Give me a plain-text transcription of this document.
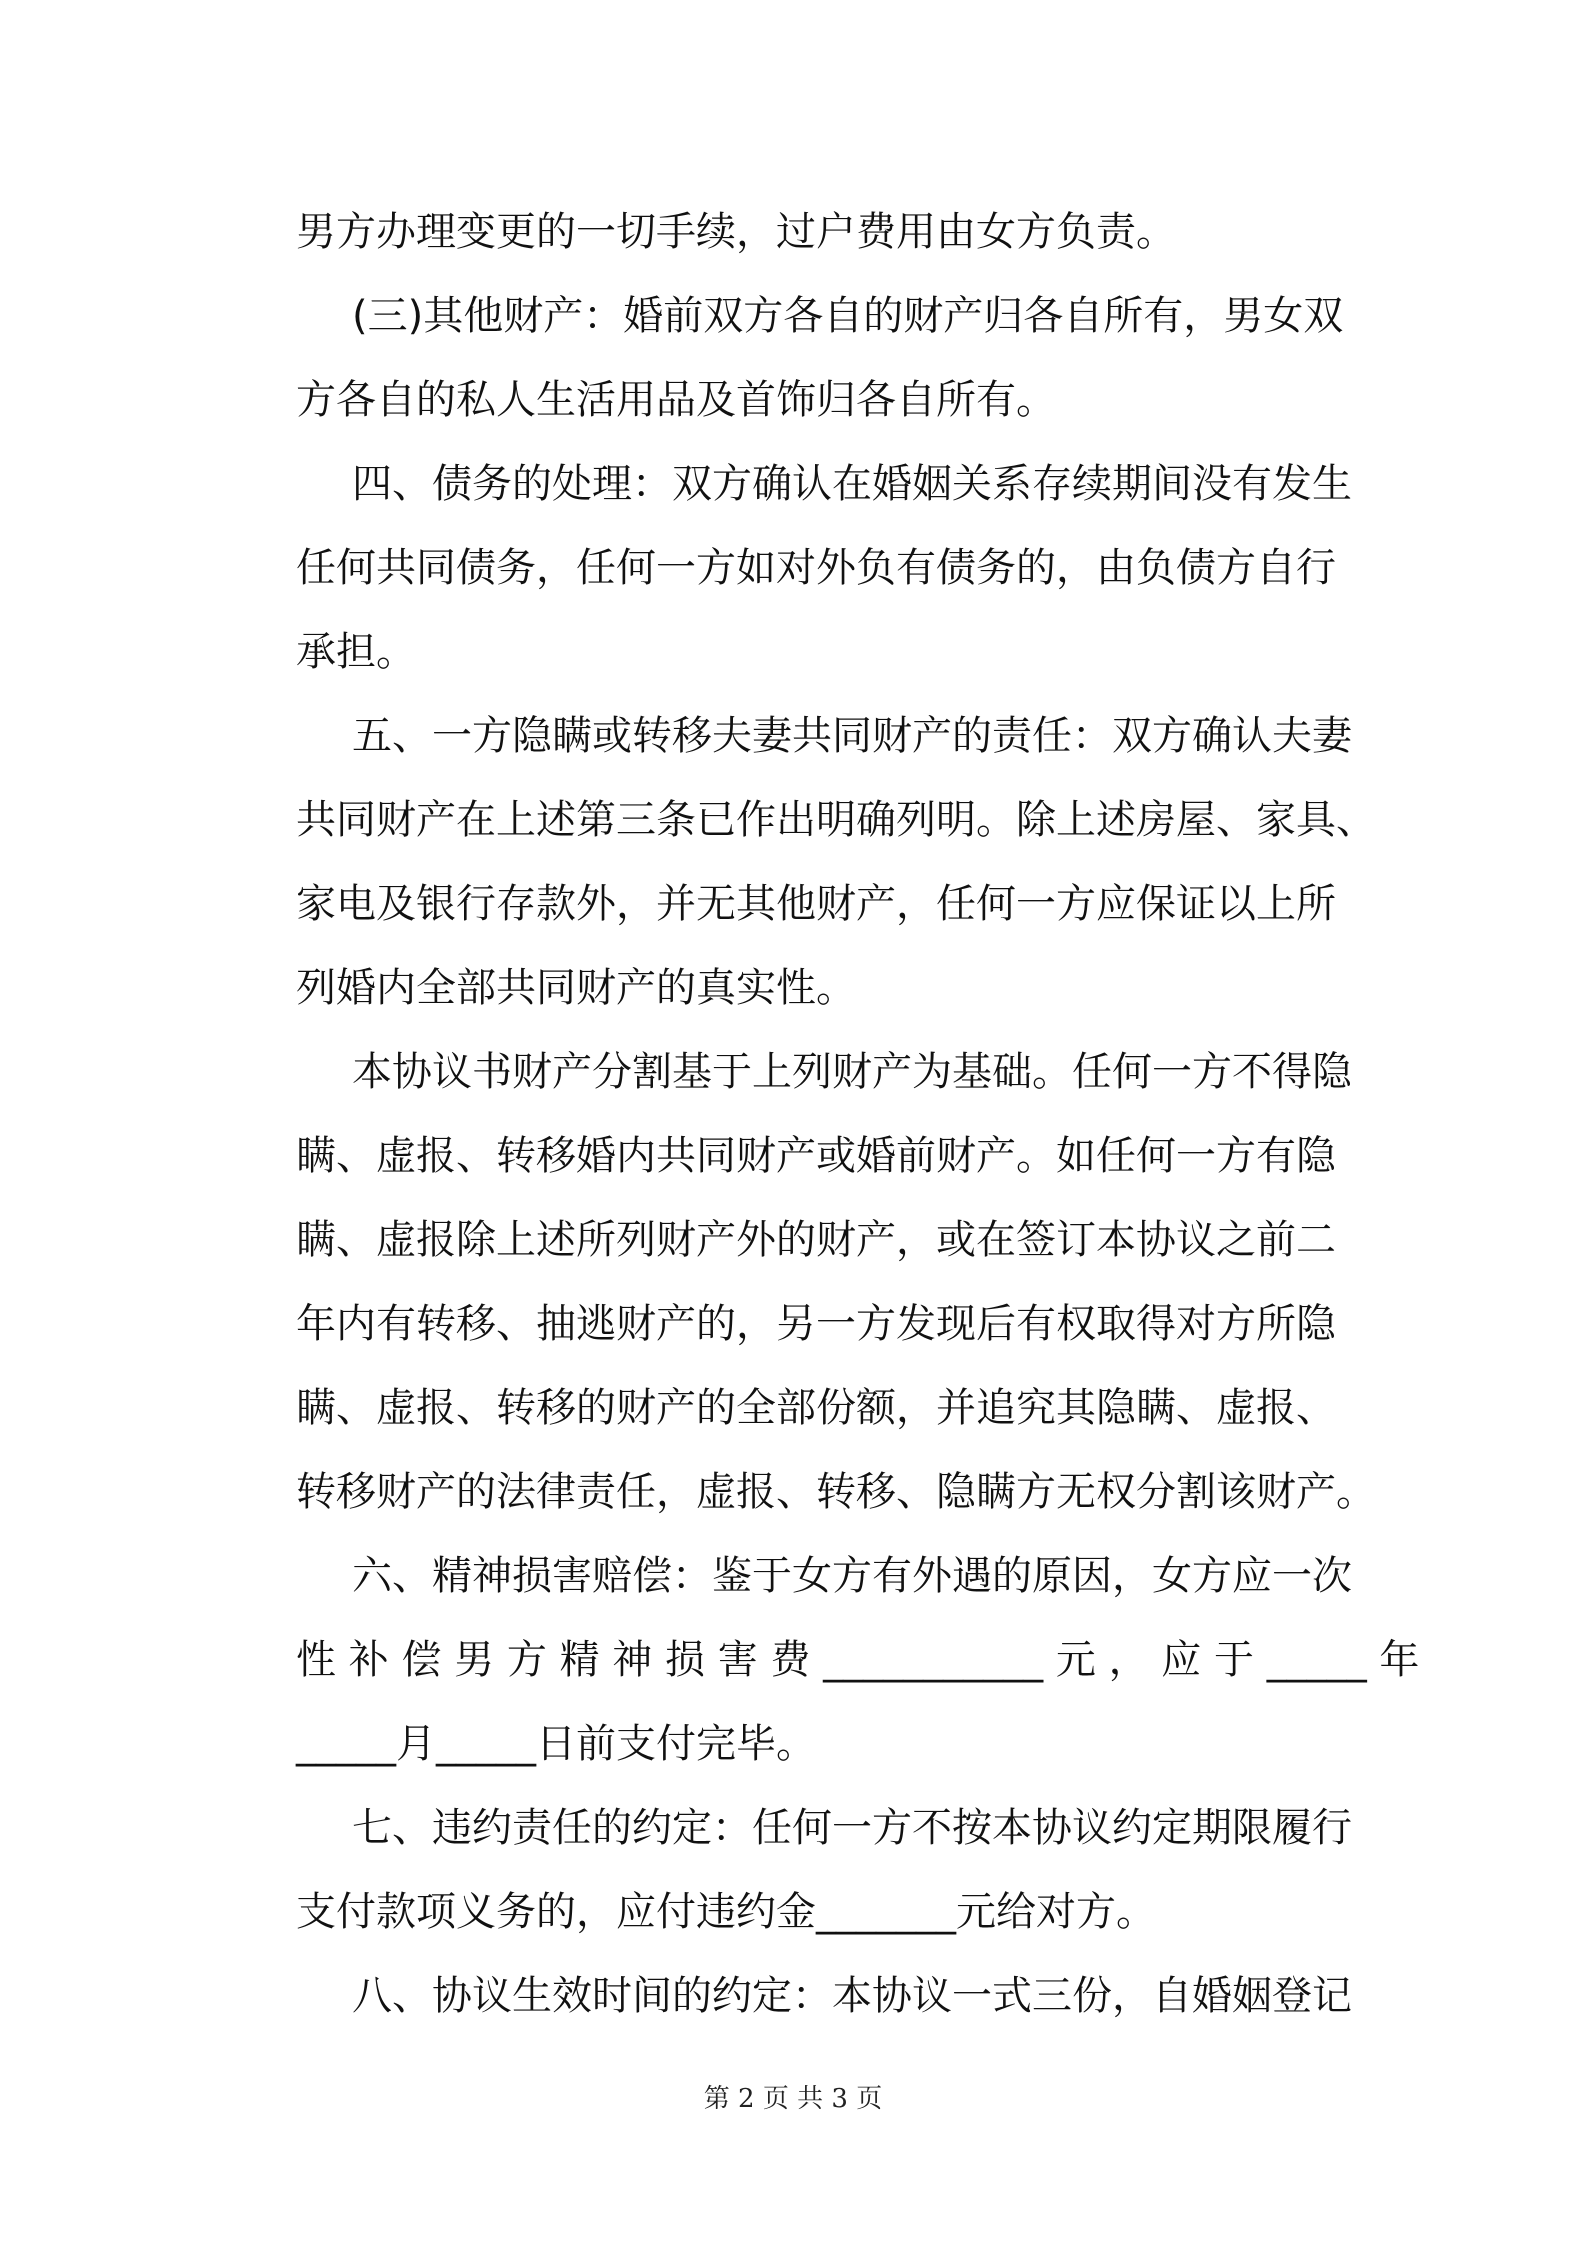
男方办理变更的一切手续，过户费用由女方负责。
(三)其他财产：婚前双方各自的财产归各自所有，男女双
方各自的私人生活用品及首饰归各自所有。
四、债务的处理：双方确认在婚姻关系存续期间没有发生
任何共同债务，任何一方如对外负有债务的，由负债方自行
承担。
五、一方隐瞒或转移夫妻共同财产的责任：双方确认夫妻
共同财产在上述第三条已作出明确列明。除上述房屋、家具、
家电及银行存款外，并无其他财产，任何一方应保证以上所
列婚内全部共同财产的真实性。
本协议书财产分割基于上列财产为基础。任何一方不得隐
瞒、虚报、转移婚内共同财产或婚前财产。如任何一方有隐
瞒、虚报除上述所列财产外的财产，或在签订本协议之前二
年内有转移、抽逃财产的，另一方发现后有权取得对方所隐
瞒、虚报、转移的财产的全部份额，并追究其隐瞒、虚报、
转移财产的法律责任，虚报、转移、隐瞒方无权分割该财产。
六、精神损害赔偿：鉴于女方有外遇的原因，女方应一次
性 补 偿 男 方 精 神 损 害 费 ___________ 元 ， 应 于 _____ 年
_____月_____日前支付完毕。
七、违约责任的约定：任何一方不按本协议约定期限履行
支付款项义务的，应付违约金_______元给对方。
八、协议生效时间的约定：本协议一式三份，自婚姻登记
第 2 页 共 3 页
